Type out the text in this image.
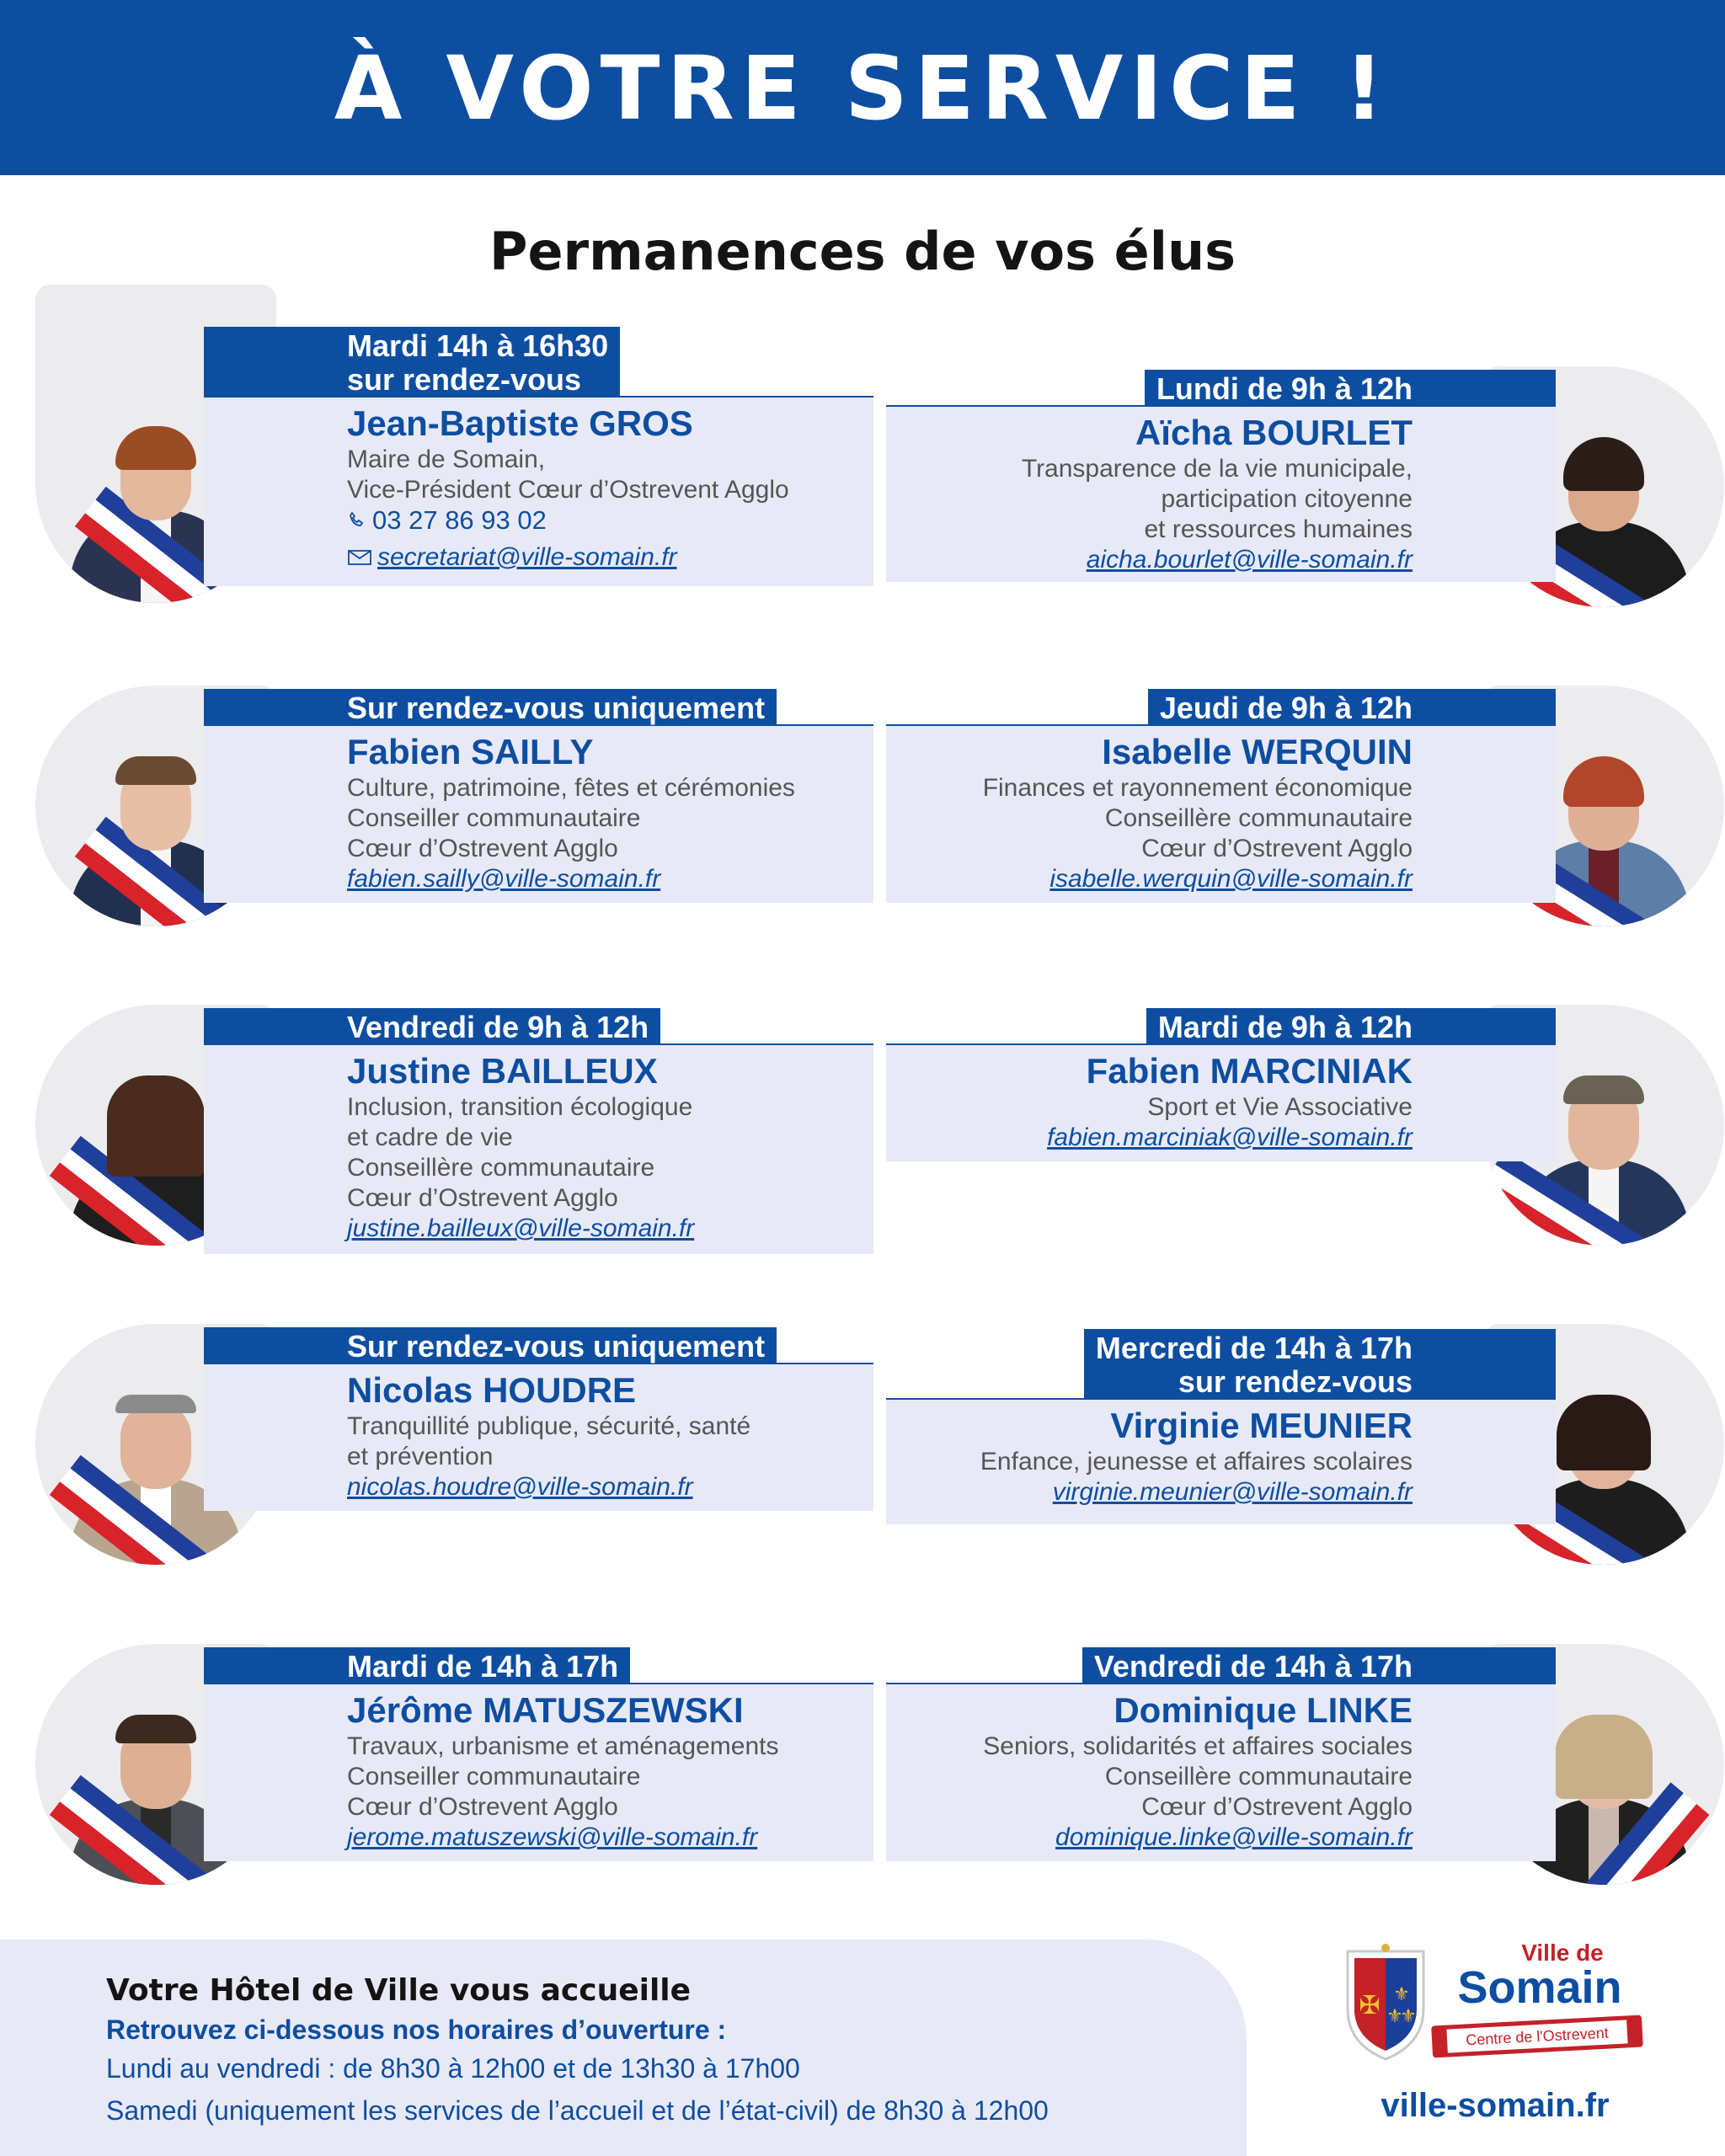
À VOTRE SERVICE !
Permanences de vos élus
Mardi 14h à 16h30
sur rendez-vous
Jean-Baptiste GROS
Maire de Somain,
Vice-Président Cœur d’Ostrevent Agglo
03 27 86 93 02
secretariat@ville-somain.fr
Lundi de 9h à 12h
Aïcha BOURLET
Transparence de la vie municipale,
participation citoyenne
et ressources humaines
aicha.bourlet@ville-somain.fr
Sur rendez-vous uniquement
Fabien SAILLY
Culture, patrimoine, fêtes et cérémonies
Conseiller communautaire
Cœur d’Ostrevent Agglo
fabien.sailly@ville-somain.fr
Jeudi de 9h à 12h
Isabelle WERQUIN
Finances et rayonnement économique
Conseillère communautaire
Cœur d’Ostrevent Agglo
isabelle.werquin@ville-somain.fr
Vendredi de 9h à 12h
Justine BAILLEUX
Inclusion, transition écologique
et cadre de vie
Conseillère communautaire
Cœur d’Ostrevent Agglo
justine.bailleux@ville-somain.fr
Mardi de 9h à 12h
Fabien MARCINIAK
Sport et Vie Associative
fabien.marciniak@ville-somain.fr
Sur rendez-vous uniquement
Nicolas HOUDRE
Tranquillité publique, sécurité, santé
et prévention
nicolas.houdre@ville-somain.fr
Mercredi de 14h à 17h
sur rendez-vous
Virginie MEUNIER
Enfance, jeunesse et affaires scolaires
virginie.meunier@ville-somain.fr
Mardi de 14h à 17h
Jérôme MATUSZEWSKI
Travaux, urbanisme et aménagements
Conseiller communautaire
Cœur d’Ostrevent Agglo
jerome.matuszewski@ville-somain.fr
Vendredi de 14h à 17h
Dominique LINKE
Seniors, solidarités et affaires sociales
Conseillère communautaire
Cœur d’Ostrevent Agglo
dominique.linke@ville-somain.fr
Votre Hôtel de Ville vous accueille
Retrouvez ci-dessous nos horaires d’ouverture :
Lundi au vendredi : de 8h30 à 12h00 et de 13h30 à 17h00
Samedi (uniquement les services de l’accueil et de l’état-civil) de 8h30 à 12h00
✠ ⚜
⚜
⚜
Ville de
Somain
Centre de l'Ostrevent
ville-somain.fr
